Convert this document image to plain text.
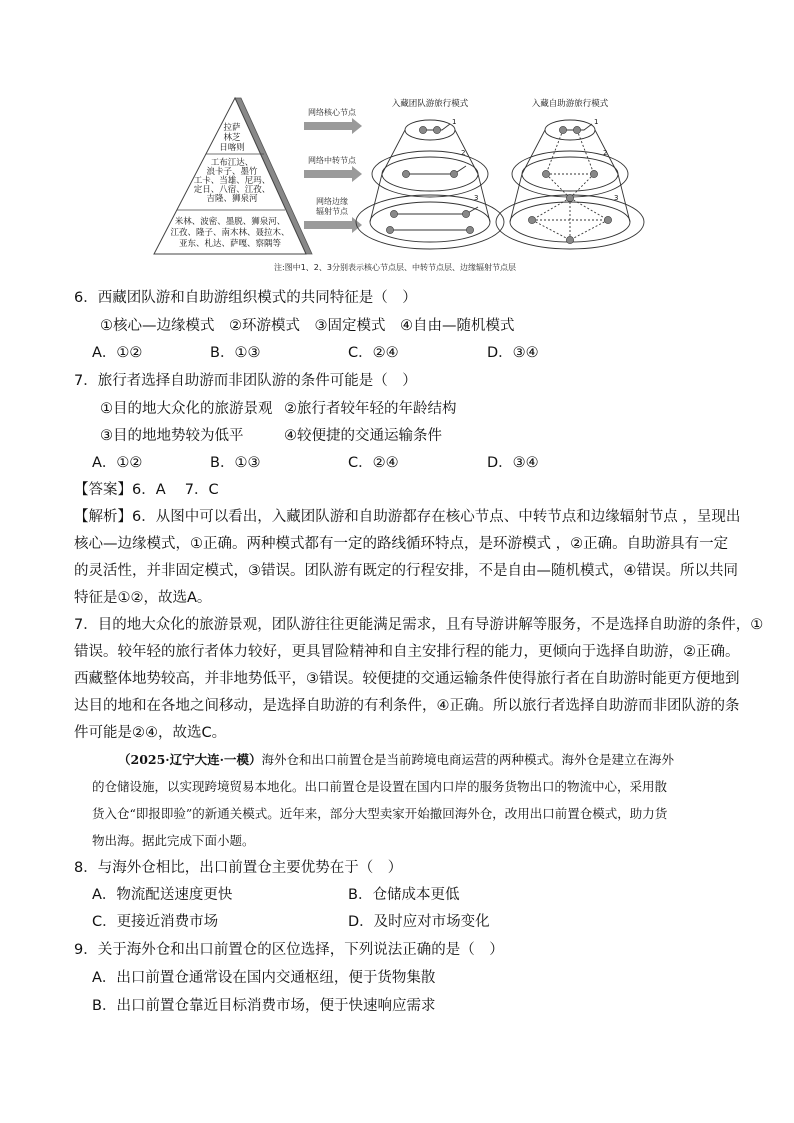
拉萨
林芝
日喀则
工布江达、
浪卡子、墨竹
工卡、当雄、尼玛、
定日、八宿、江孜、
吉隆、狮泉河
米林、波密、墨脱、狮泉河、
江孜、隆子、南木林、聂拉木、
亚东、札达、萨嘎、察隅等
网络核心节点
网络中转节点
网络边缘
辐射节点
入藏团队游旅行模式
1
2
3
入藏自助游旅行模式
1
2
3
注:图中1、2、3分别表示核心节点层、中转节点层、边缘辐射节点层
6．西藏团队游和自助游组织模式的共同特征是（　）
①核心—边缘模式　②环游模式　③固定模式　④自由—随机模式
A．①②	B．①③	C．②④	D．③④
7．旅行者选择自助游而非团队游的条件可能是（　）
①目的地大众化的旅游景观 ②旅行者较年轻的年龄结构
③目的地地势较为低平	④较便捷的交通运输条件
A．①②	B．①③	C．②④	D．③④
【答案】6．A　 7．C
【解析】6．从图中可以看出，入藏团队游和自助游都存在核心节点、中转节点和边缘辐射节点 ，呈现出
核心—边缘模式，①正确。两种模式都有一定的路线循环特点，是环游模式 ，②正确。自助游具有一定
的灵活性，并非固定模式，③错误。团队游有既定的行程安排，不是自由—随机模式，④错误。所以共同
特征是①②，故选A。
7．目的地大众化的旅游景观，团队游往往更能满足需求，且有导游讲解等服务，不是选择自助游的条件，①
错误。较年轻的旅行者体力较好，更具冒险精神和自主安排行程的能力，更倾向于选择自助游，②正确。
西藏整体地势较高，并非地势低平，③错误。较便捷的交通运输条件使得旅行者在自助游时能更方便地到
达目的地和在各地之间移动，是选择自助游的有利条件，④正确。所以旅行者选择自助游而非团队游的条
件可能是②④，故选C。
（2025·辽宁大连·一模）海外仓和出口前置仓是当前跨境电商运营的两种模式。海外仓是建立在海外
的仓储设施，以实现跨境贸易本地化。出口前置仓是设置在国内口岸的服务货物出口的物流中心，采用散
货入仓“即报即验”的新通关模式。近年来，部分大型卖家开始撤回海外仓，改用出口前置仓模式，助力货
物出海。据此完成下面小题。
8．与海外仓相比，出口前置仓主要优势在于（　）
A．物流配送速度更快	B．仓储成本更低
C．更接近消费市场	D．及时应对市场变化
9．关于海外仓和出口前置仓的区位选择，下列说法正确的是（　）
A．出口前置仓通常设在国内交通枢纽，便于货物集散
B．出口前置仓靠近目标消费市场，便于快速响应需求
